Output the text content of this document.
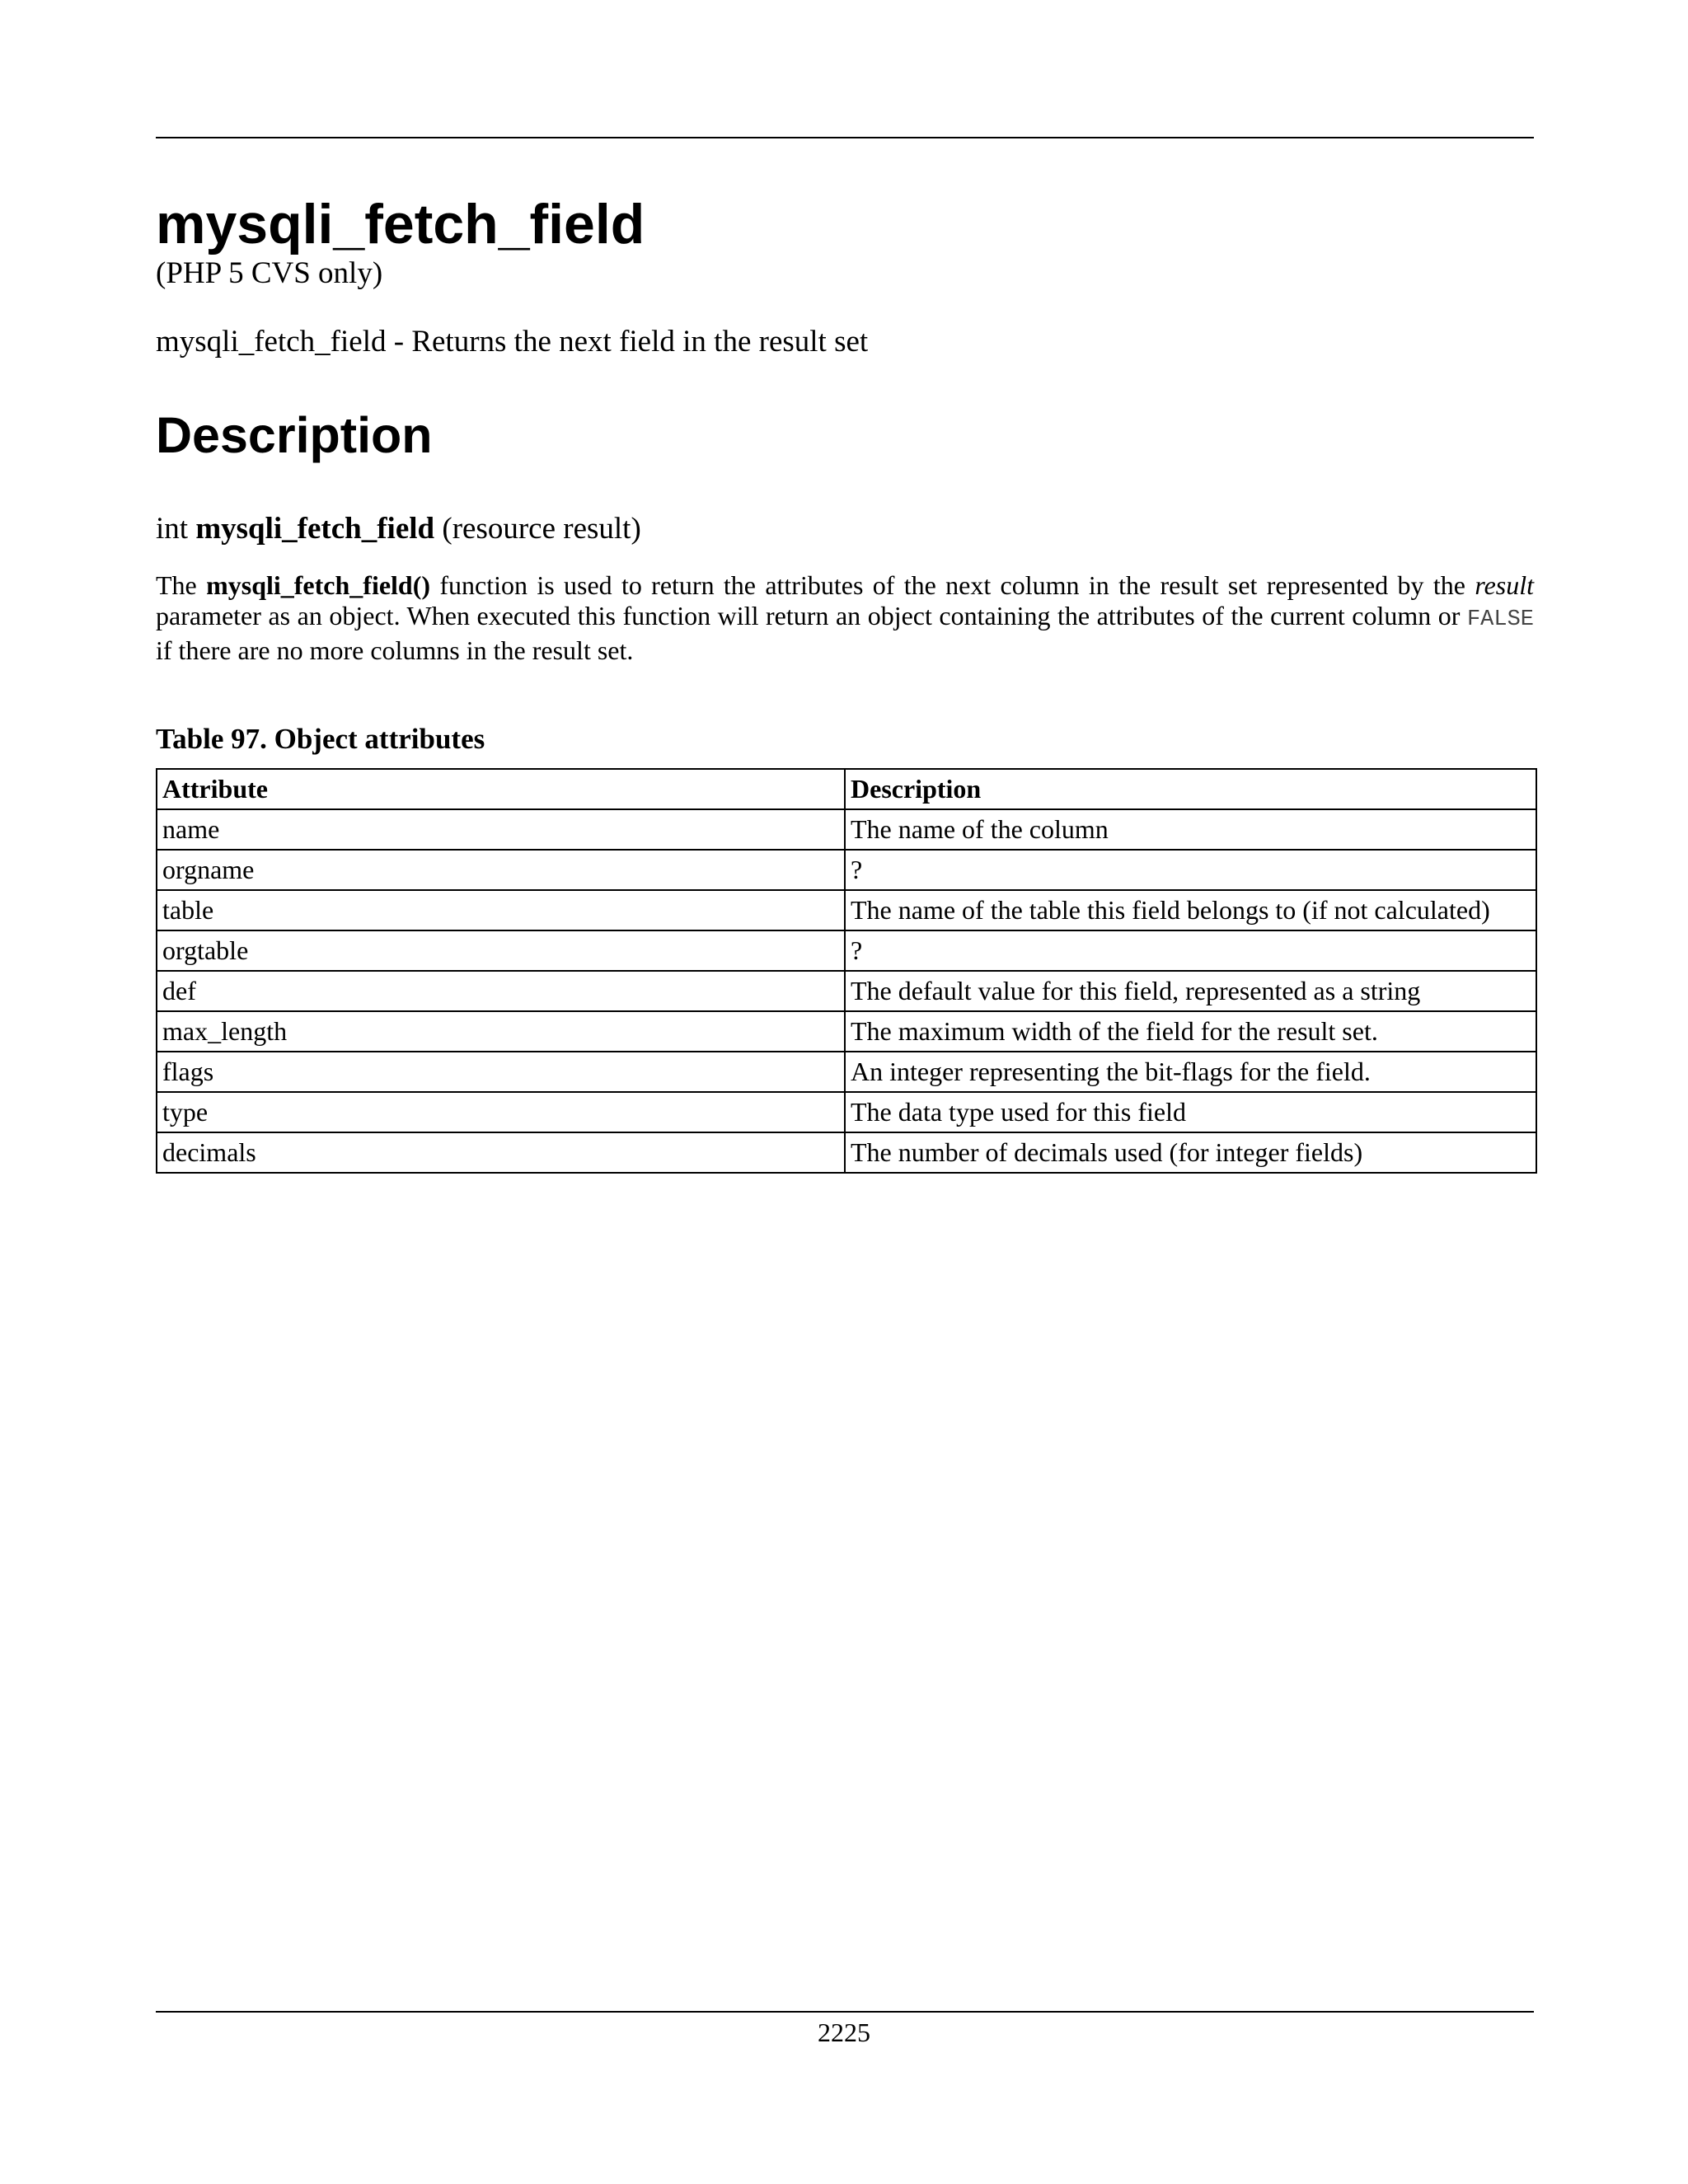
mysqli_fetch_field
(PHP 5 CVS only)
mysqli_fetch_field - Returns the next field in the result set
Description
int mysqli_fetch_field (resource result)

The mysqli_fetch_field() function is used to return the attributes of the next column in the result set represented by the result parameter as an object. When executed this function will return an object containing the attributes of the current column or FALSE if there are no more columns in the result set.

Table 97. Object attributes
Attribute	Description
name	The name of the column
orgname	?
table	The name of the table this field belongs to (if not calculated)
orgtable	?
def	The default value for this field, represented as a string
max_length	The maximum width of the field for the result set.
flags	An integer representing the bit-flags for the field.
type	The data type used for this field
decimals	The number of decimals used (for integer fields)
2225
